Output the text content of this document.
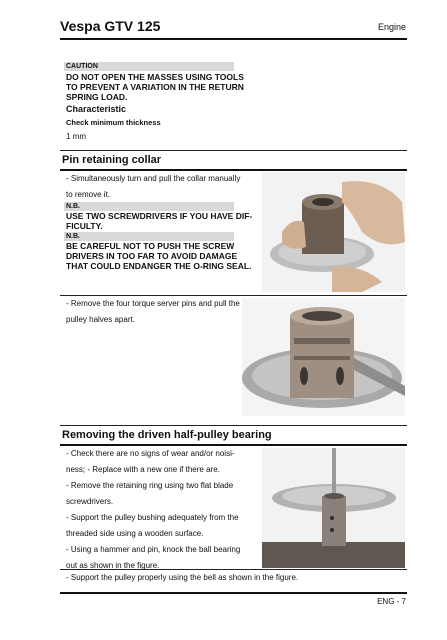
Vespa GTV 125	Engine
CAUTION
DO NOT OPEN THE MASSES USING TOOLS
TO PREVENT A VARIATION IN THE RETURN
SPRING LOAD.
Characteristic
Check minimum thickness
1 mm
Pin retaining collar
- Simultaneously turn and pull the collar manually
to remove it.
N.B.
USE TWO SCREWDRIVERS IF YOU HAVE DIF-
FICULTY.
N.B.
BE CAREFUL NOT TO PUSH THE SCREW
DRIVERS IN TOO FAR TO AVOID DAMAGE
THAT COULD ENDANGER THE O-RING SEAL.
- Remove the four torque server pins and pull the
pulley halves apart.
Removing the driven half-pulley bearing
- Check there are no signs of wear and/or noisi-
ness; - Replace with a new one if there are.
- Remove the retaining ring using two flat blade
screwdrivers.
- Support the pulley bushing adequately from the
threaded side using a wooden surface.
- Using a hammer and pin, knock the ball bearing
out as shown in the figure.
- Support the pulley properly using the bell as shown in the figure.
ENG - 7
